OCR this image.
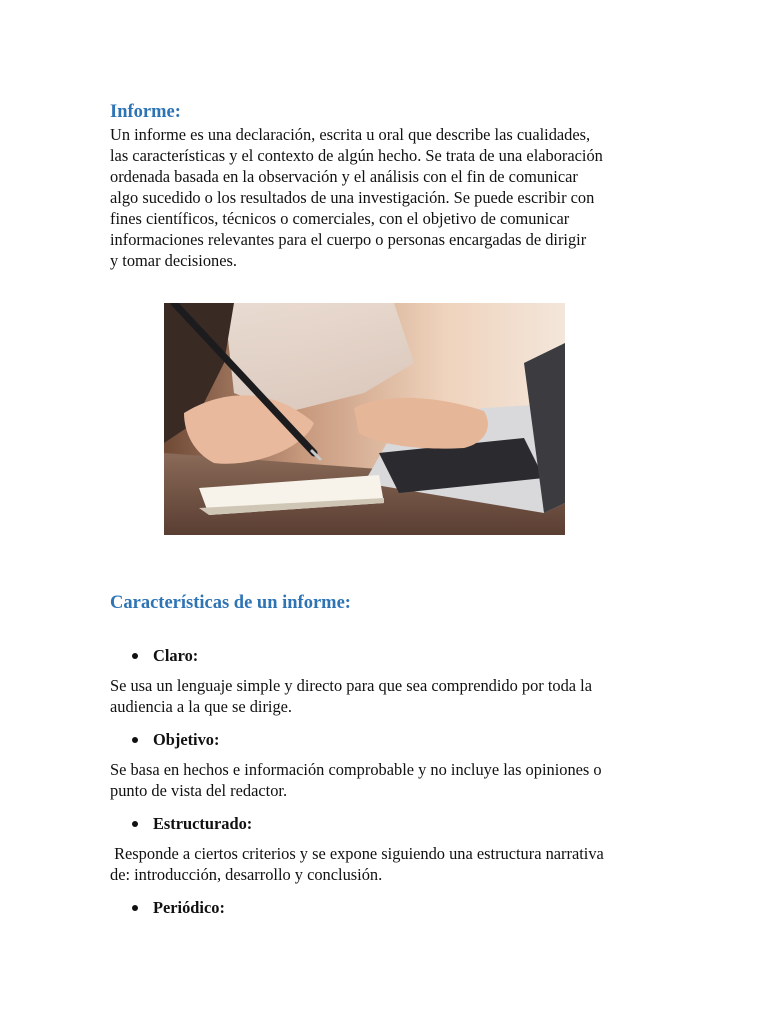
Informe:

Un informe es una declaración, escrita u oral que describe las cualidades,
las características y el contexto de algún hecho. Se trata de una elaboración
ordenada basada en la observación y el análisis con el fin de comunicar
algo sucedido o los resultados de una investigación. Se puede escribir con
fines científicos, técnicos o comerciales, con el objetivo de comunicar
informaciones relevantes para el cuerpo o personas encargadas de dirigir
y tomar decisiones.

Características de un informe:

Claro:

Se usa un lenguaje simple y directo para que sea comprendido por toda la
audiencia a la que se dirige.

Objetivo:

Se basa en hechos e información comprobable y no incluye las opiniones o
punto de vista del redactor.

Estructurado:

Responde a ciertos criterios y se expone siguiendo una estructura narrativa
de: introducción, desarrollo y conclusión.

Periódico:
